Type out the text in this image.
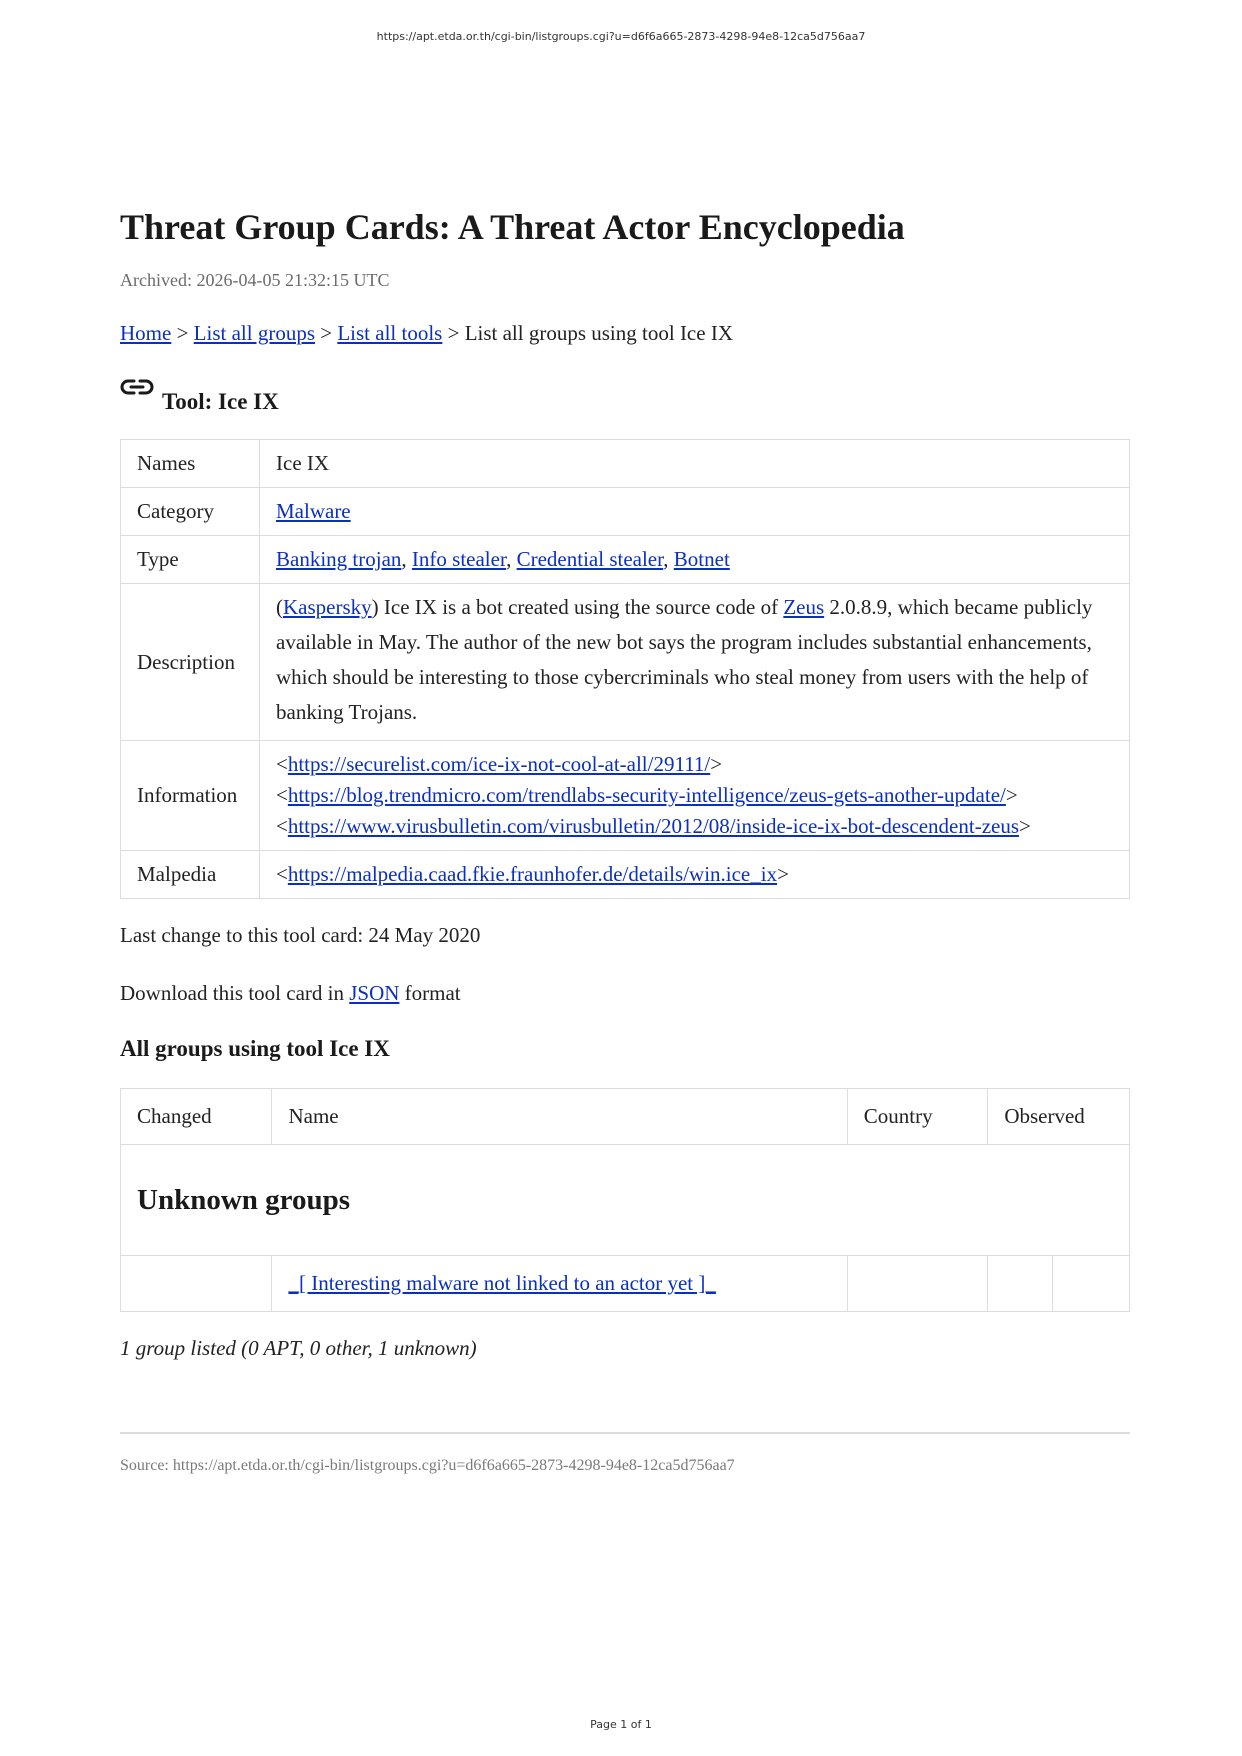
https://apt.etda.or.th/cgi-bin/listgroups.cgi?u=d6f6a665-2873-4298-94e8-12ca5d756aa7
Threat Group Cards: A Threat Actor Encyclopedia
Archived: 2026-04-05 21:32:15 UTC
Home > List all groups > List all tools > List all groups using tool Ice IX
Tool: Ice IX
Names	Ice IX
Category	Malware
Type	Banking trojan, Info stealer, Credential stealer, Botnet
Description	(Kaspersky) Ice IX is a bot created using the source code of Zeus 2.0.8.9, which became publicly available in May. The author of the new bot says the program includes substantial enhancements, which should be interesting to those cybercriminals who steal money from users with the help of banking Trojans.
Information	<https://securelist.com/ice-ix-not-cool-at-all/29111/>
<https://blog.trendmicro.com/trendlabs-security-intelligence/zeus-gets-another-update/>
<https://www.virusbulletin.com/virusbulletin/2012/08/inside-ice-ix-bot-descendent-zeus>

Malpedia	<https://malpedia.caad.fkie.fraunhofer.de/details/win.ice_ix>
Last change to this tool card: 24 May 2020
Download this tool card in JSON format
All groups using tool Ice IX
Changed	Name	Country	Observed	
Unknown groups				
	_[ Interesting malware not linked to an actor yet ]_			
1 group listed (0 APT, 0 other, 1 unknown)
Source: https://apt.etda.or.th/cgi-bin/listgroups.cgi?u=d6f6a665-2873-4298-94e8-12ca5d756aa7
Page 1 of 1
